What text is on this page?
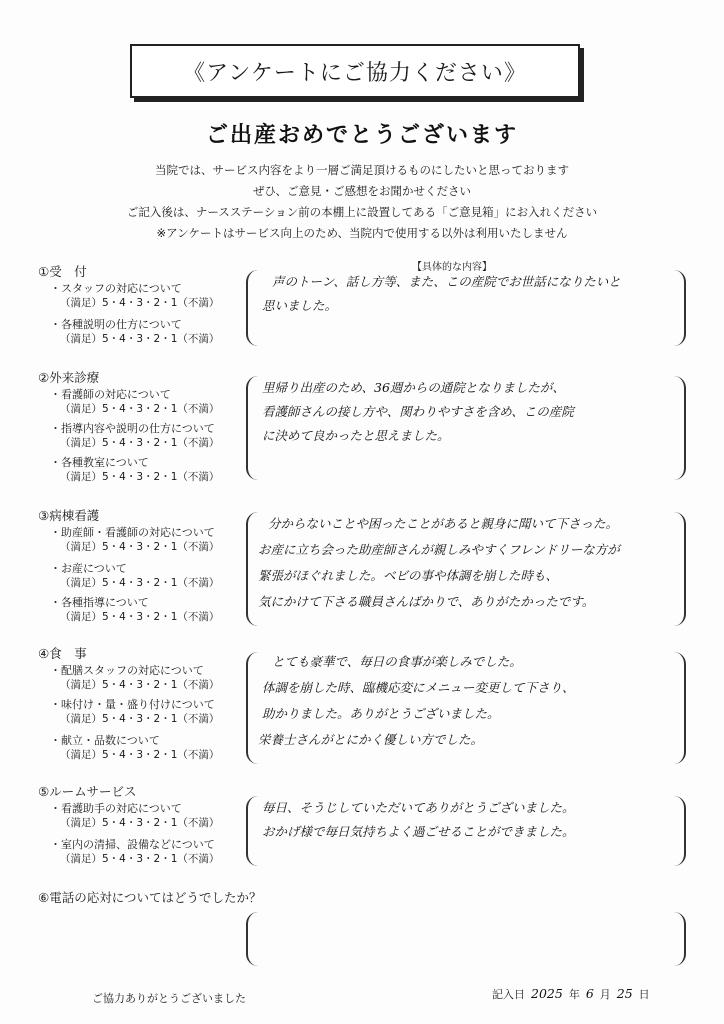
《アンケートにご協力ください》
ご出産おめでとうございます
当院では、サービス内容をより一層ご満足頂けるものにしたいと思っております
ぜひ、ご意見・ご感想をお聞かせください
ご記入後は、ナースステーション前の本棚上に設置してある「ご意見箱」にお入れください
※アンケートはサービス向上のため、当院内で使用する以外は利用いたしません
【具体的な内容】
①受　付
・スタッフの対応について
（満足）5・4・3・2・1（不満）
・各種説明の仕方について
（満足）5・4・3・2・1（不満）
声のトーン、話し方等、また、この産院でお世話になりたいと
思いました。
②外来診療
・看護師の対応について
（満足）5・4・3・2・1（不満）
・指導内容や説明の仕方について
（満足）5・4・3・2・1（不満）
・各種教室について
（満足）5・4・3・2・1（不満）
里帰り出産のため、36週からの通院となりましたが、
看護師さんの接し方や、関わりやすさを含め、この産院
に決めて良かったと思えました。
③病棟看護
・助産師・看護師の対応について
（満足）5・4・3・2・1（不満）
・お産について
（満足）5・4・3・2・1（不満）
・各種指導について
（満足）5・4・3・2・1（不満）
分からないことや困ったことがあると親身に聞いて下さった。
お産に立ち会った助産師さんが親しみやすくフレンドリーな方が
緊張がほぐれました。ベビの事や体調を崩した時も、
気にかけて下さる職員さんばかりで、ありがたかったです。
④食　事
・配膳スタッフの対応について
（満足）5・4・3・2・1（不満）
・味付け・量・盛り付けについて
（満足）5・4・3・2・1（不満）
・献立・品数について
（満足）5・4・3・2・1（不満）
とても豪華で、毎日の食事が楽しみでした。
体調を崩した時、臨機応変にメニュー変更して下さり、
助かりました。ありがとうございました。
栄養士さんがとにかく優しい方でした。
⑤ルームサービス
・看護助手の対応について
（満足）5・4・3・2・1（不満）
・室内の清掃、設備などについて
（満足）5・4・3・2・1（不満）
毎日、そうじしていただいてありがとうございました。
おかげ様で毎日気持ちよく過ごせることができました。
⑥電話の応対についてはどうでしたか？
ご協力ありがとうございました	記入日 2025 年 6 月 25 日
